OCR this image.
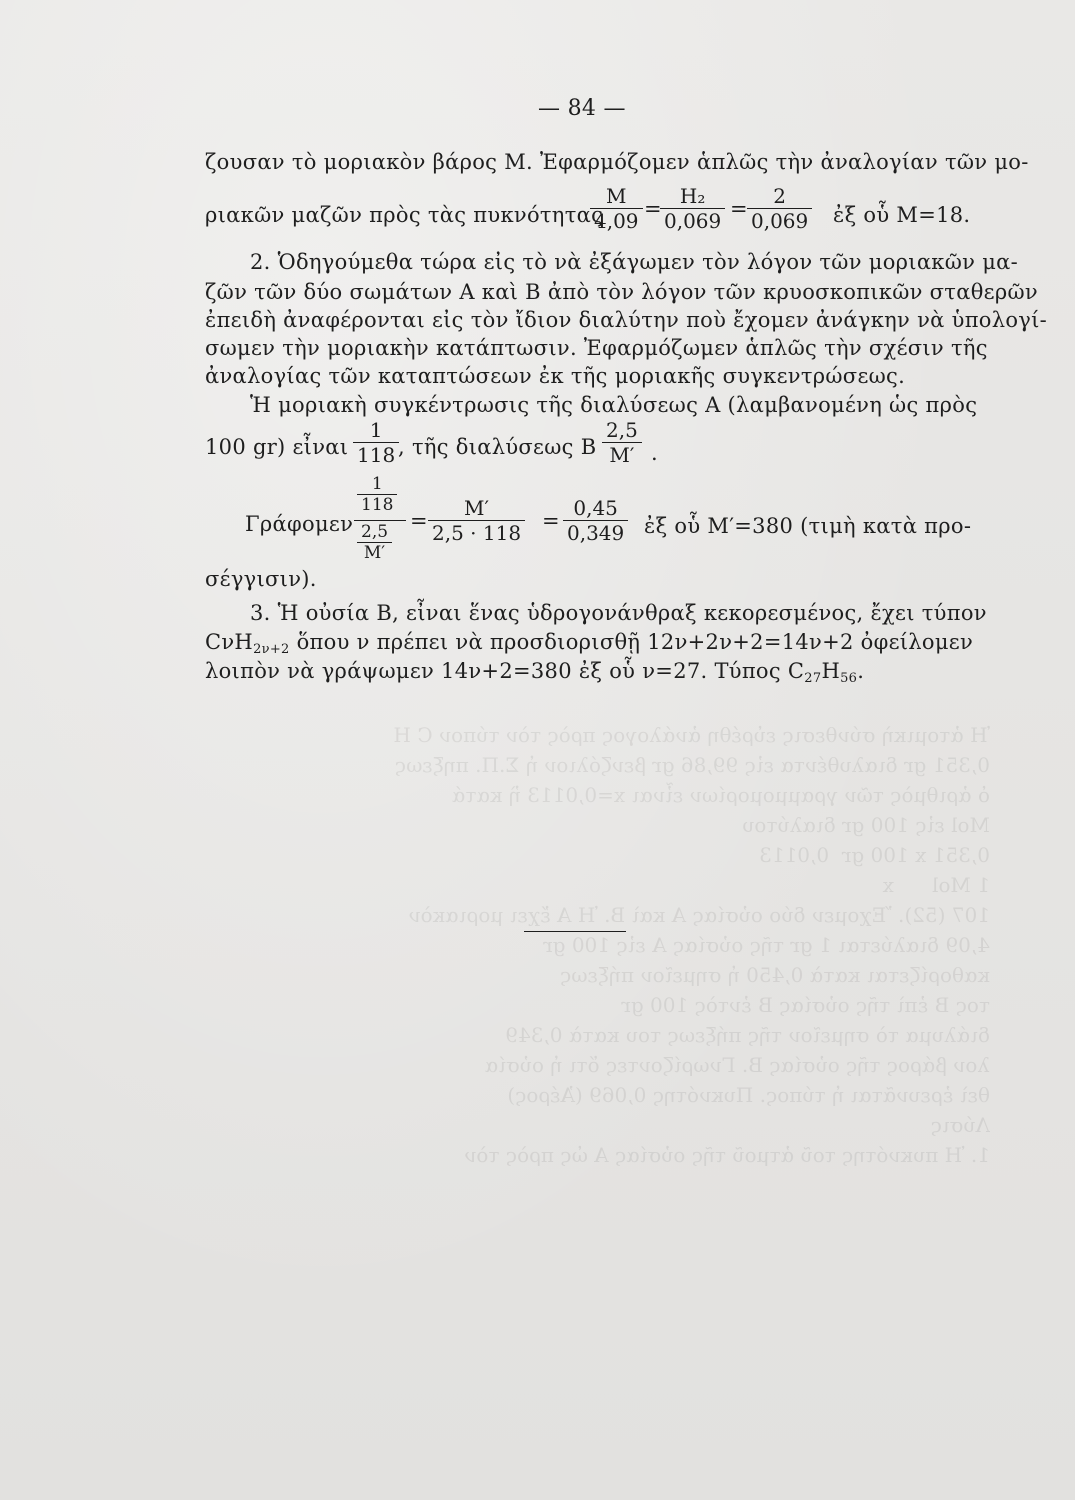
Ἡ ἀτομικὴ σύνθεσις εὑρέθη ἀνάλογος πρὸς τὸν τύπον C H
0,351 gr διαλυθέντα εἰς 99,86 gr βενζόλιον ἡ Σ.Π. πηξεως
ὁ ἀριθμὸς τῶν γραμμομορίων εἶναι x=0,0113 ἢ κατά
Mol εἰς 100 gr διαλύτου
0,351 x 100 gr  0,0113
1 Mol      x
107 (52). Ἔχομεν δύο οὐσίας A καὶ B. Ἡ A ἔχει μοριακὸν
4,09 διαλύεται 1 gr τῆς οὐσίας A εἰς 100 gr
καθορίζεται κατὰ 0,450 ἡ σημεῖον πήξεως
τος B ἐπὶ τῆς οὐσίας B ἐντὸς 100 gr
διάλυμα τὸ σημεῖον τῆς πήξεως του κατὰ 0,349
λον βάρος τῆς οὐσίας B. Γνωρίζοντες ὅτι ἡ οὐσία
θεὶ ἐρευνᾶται ἡ τύπος. Πυκνότης 0,069 (Ἀέρος)
Λύσις
1. Ἡ πυκνότης τοῦ ἀτμοῦ τῆς οὐσίας A ὡς πρὸς τὸν
— 84 —
ζουσαν τὸ μοριακὸν βάρος M. Ἐφαρμόζομεν ἁπλῶς τὴν ἀναλογίαν τῶν μο-
ριακῶν μαζῶν πρὸς τὰς πυκνότητας
$\frac{M}{4,09}$ =
$\frac{\text{H₂}}{0,069} = \frac{2}{0,069}$ ἐξ οὗ M=18.
2. Ὁδηγούμεθα τώρα εἰς τὸ νὰ ἐξάγωμεν τὸν λόγον τῶν μοριακῶν μα-
ζῶν τῶν δύο σωμάτων A καὶ B ἀπὸ τὸν λόγον τῶν κρυοσκοπικῶν σταθερῶν
ἐπειδὴ ἀναφέρονται εἰς τὸν ἴδιον διαλύτην ποὺ ἔχομεν ἀνάγκην νὰ ὑπολογί-
σωμεν τὴν μοριακὴν κατάπτωσιν. Ἐφαρμόζωμεν ἁπλῶς τὴν σχέσιν τῆς
ἀναλογίας τῶν καταπτώσεων ἐκ τῆς μοριακῆς συγκεντρώσεως.
Ἡ μοριακὴ συγκέντρωσις τῆς διαλύσεως A (λαμβανομένη ὡς πρὸς
100 gr) εἶναι $\frac{1}{118}$
, τῆς διαλύσεως B $\frac{2,5}{M'}$ .
Γράφομεν
$\frac{1}{118}$
$\frac{2,5}{M'}$
= $\frac{M'}{2,5 \cdot 118} = \frac{0,45}{0,349}$ ἐξ οὗ M′=380 (τιμὴ κατὰ προ-
σέγγισιν).
3. Ἡ οὐσία B, εἶναι ἕνας ὑδρογονάνθραξ κεκορεσμένος, ἔχει τύπον
CνH$_{2\nu+2}$ ὅπου ν πρέπει νὰ προσδιορισθῇ 12ν+2ν+2=14ν+2 ὀφείλομεν
λοιπὸν νὰ γράψωμεν 14ν+2=380 ἐξ οὗ ν=27. Τύπος $C_{27}H_{56}$.
